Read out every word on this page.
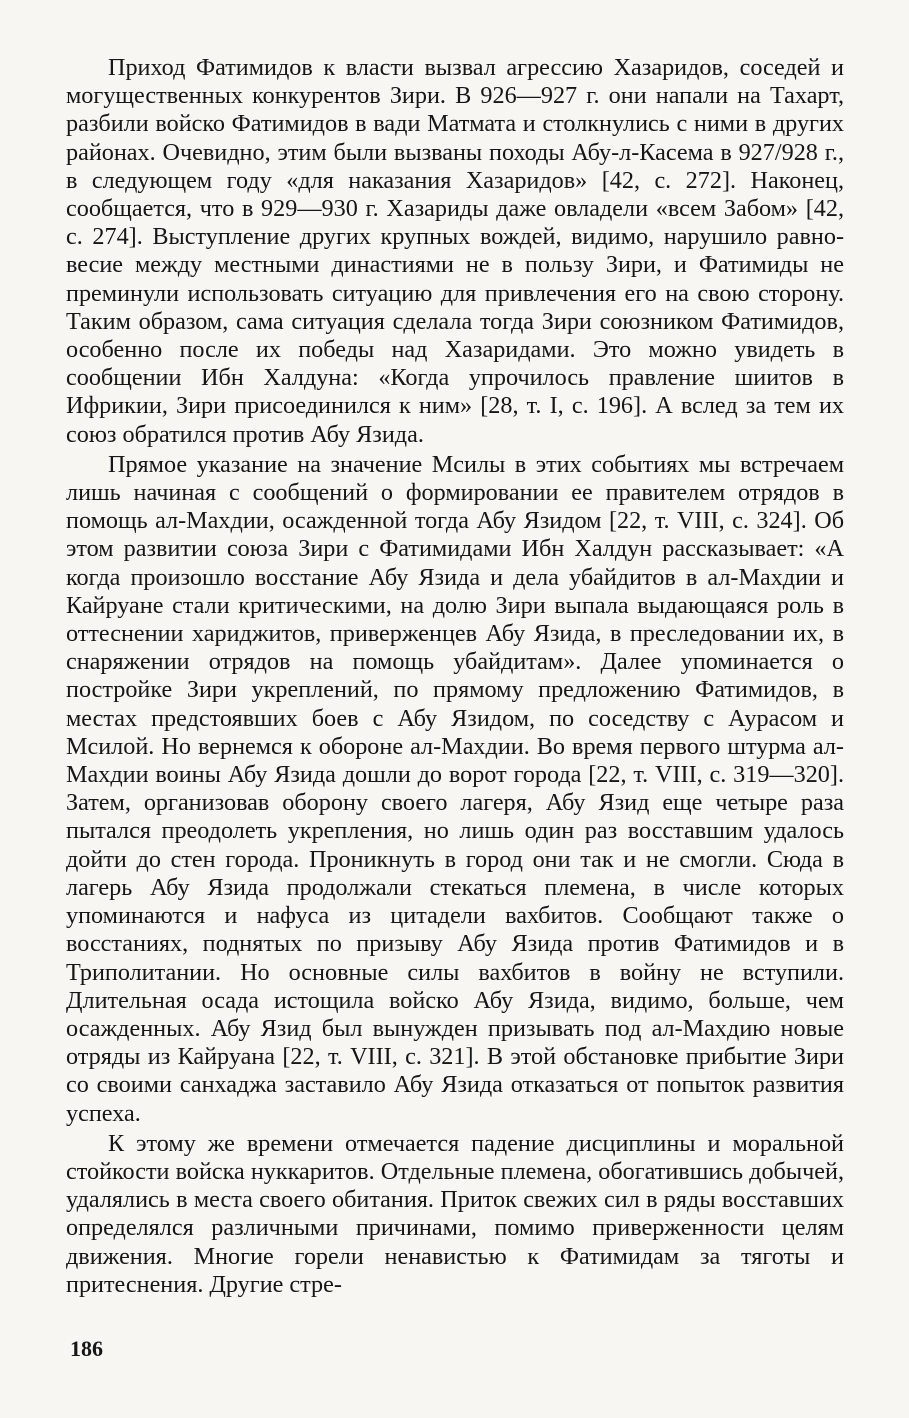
Приход Фатимидов к власти вызвал агрессию Хазаридов, соседей и могущественных конкурентов Зири. В 926—927 г. они напали на Тахарт, разбили войско Фатимидов в вади Матмата и столкнулись с ними в других районах. Очевидно, этим были вызваны походы Абу-л-Касема в 927/928 г., в следующем году «для наказания Хазаридов» [42, с. 272]. Наконец, сообщается, что в 929—930 г. Хазариды даже овладели «всем Забом» [42, с. 274]. Выступление других крупных вождей, видимо, нарушило равновесие между местными династиями не в пользу Зири, и Фатимиды не преминули использовать ситуацию для привлечения его на свою сторону. Таким образом, сама ситуация сделала тогда Зири союзником Фатимидов, особенно после их победы над Хазаридами. Это можно увидеть в сообщении Ибн Халдуна: «Когда упрочилось правление шиитов в Ифрикии, Зири присоединился к ним» [28, т. I, с. 196]. А вслед за тем их союз обратился против Абу Язида.

Прямое указание на значение Мсилы в этих событиях мы встречаем лишь начиная с сообщений о формировании ее правителем отрядов в помощь ал-Махдии, осажденной тогда Абу Язидом [22, т. VIII, с. 324]. Об этом развитии союза Зири с Фатимидами Ибн Халдун рассказывает: «А когда произошло восстание Абу Язида и дела убайдитов в ал-Махдии и Кайруане стали критическими, на долю Зири выпала выдающаяся роль в оттеснении хариджитов, приверженцев Абу Язида, в преследовании их, в снаряжении отрядов на помощь убайдитам». Далее упоминается о постройке Зири укреплений, по прямому предложению Фатимидов, в местах предстоявших боев с Абу Язидом, по соседству с Аурасом и Мсилой. Но вернемся к обороне ал-Махдии. Во время первого штурма ал-Махдии воины Абу Язида дошли до ворот города [22, т. VIII, с. 319—320]. Затем, организовав оборону своего лагеря, Абу Язид еще четыре раза пытался преодолеть укрепления, но лишь один раз восставшим удалось дойти до стен города. Проникнуть в город они так и не смогли. Сюда в лагерь Абу Язида продолжали стекаться племена, в числе которых упоминаются и нафуса из цитадели вахбитов. Сообщают также о восстаниях, поднятых по призыву Абу Язида против Фатимидов и в Триполитании. Но основные силы вахбитов в войну не вступили. Длительная осада истощила войско Абу Язида, видимо, больше, чем осажденных. Абу Язид был вынужден призывать под ал-Махдию новые отряды из Кайруана [22, т. VIII, с. 321]. В этой обстановке прибытие Зири со своими санхаджа заставило Абу Язида отказаться от попыток развития успеха.

К этому же времени отмечается падение дисциплины и моральной стойкости войска нуккаритов. Отдельные племена, обогатившись добычей, удалялись в места своего обитания. Приток свежих сил в ряды восставших определялся различными причинами, помимо приверженности целям движения. Многие горели ненавистью к Фатимидам за тяготы и притеснения. Другие стре-

186
